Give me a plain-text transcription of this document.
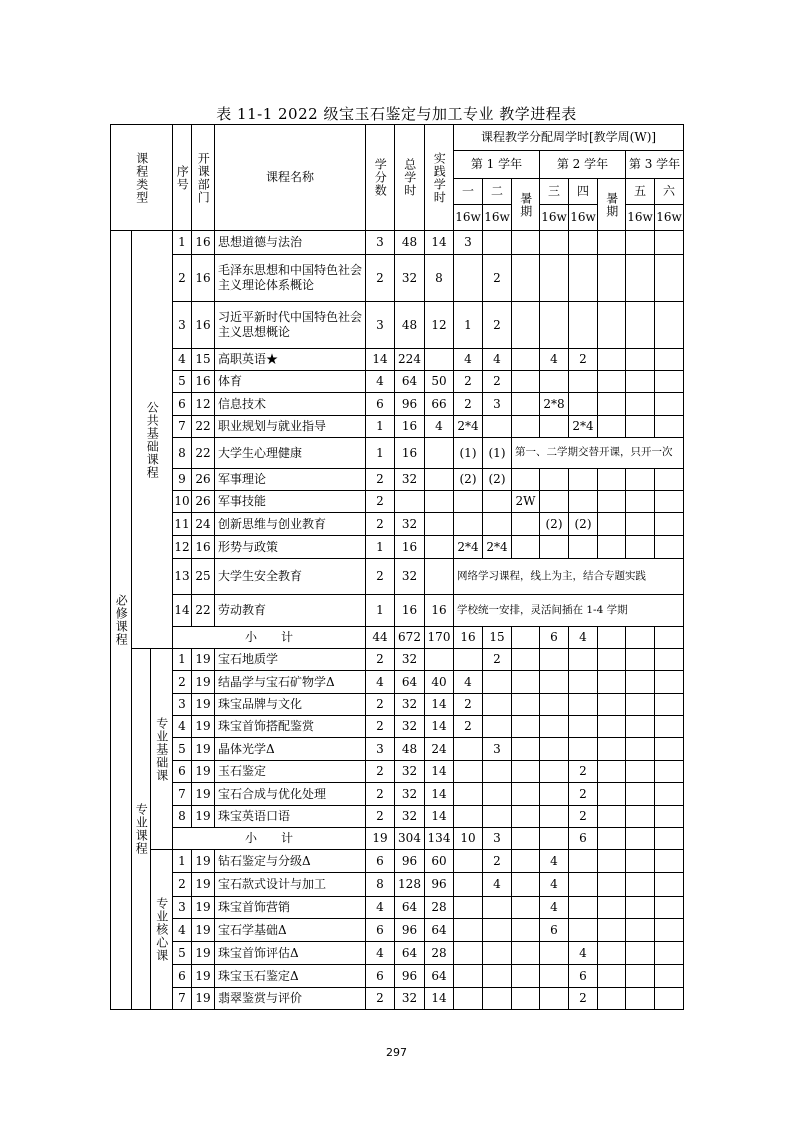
表 11-1 2022 级宝玉石鉴定与加工专业 教学进程表
课程类型			序号	开课部门	课程名称	学分数	总学时	实践学时	课程教学分配周学时[教学周(W)]							
									第 1 学年			第 2 学年			第 3 学年	
									一	二	暑期	三	四	暑期	五	六
									16w	16w		16w	16w		16w	16w

必修课程	公共基础课程		1	16	思想道德与法治	3	48	14	3							
			2	16	毛泽东思想和中国特色社会主义理论体系概论	2	32	8		2						
			3	16	习近平新时代中国特色社会主义思想概论	3	48	12	1	2						
			4	15	高职英语★	14	224		4	4		4	2			
			5	16	体育	4	64	50	2	2						
			6	12	信息技术	6	96	66	2	3		2*8				
			7	22	职业规划与就业指导	1	16	4	2*4				2*4			
			8	22	大学生心理健康	1	16		(1)	(1)	第一、二学期交替开课，只开一次					
			9	26	军事理论	2	32		(2)	(2)						
			10	26	军事技能	2					2W					
			11	24	创新思维与创业教育	2	32					(2)	(2)			
			12	16	形势与政策	1	16		2*4	2*4						
			13	25	大学生安全教育	2	32		网络学习课程，线上为主，结合专题实践							
			14	22	劳动教育	1	16	16	学校统一安排，灵活间插在 1-4 学期							
			小　　计			44	672	170	16	15		6	4			

	专业课程	专业基础课	1	19	宝石地质学	2	32			2						
			2	19	结晶学与宝石矿物学Δ	4	64	40	4							
			3	19	珠宝品牌与文化	2	32	14	2							
			4	19	珠宝首饰搭配鉴赏	2	32	14	2							
			5	19	晶体光学Δ	3	48	24		3						
			6	19	玉石鉴定	2	32	14					2			
			7	19	宝石合成与优化处理	2	32	14					2			
			8	19	珠宝英语口语	2	32	14					2			
			小　　计			19	304	134	10	3			6			

		专业核心课	1	19	钻石鉴定与分级Δ	6	96	60		2		4				
			2	19	宝石款式设计与加工	8	128	96		4		4				
			3	19	珠宝首饰营销	4	64	28				4				
			4	19	宝石学基础Δ	6	96	64				6				
			5	19	珠宝首饰评估Δ	4	64	28					4			
			6	19	珠宝玉石鉴定Δ	6	96	64					6			
			7	19	翡翠鉴赏与评价	2	32	14					2			
297
